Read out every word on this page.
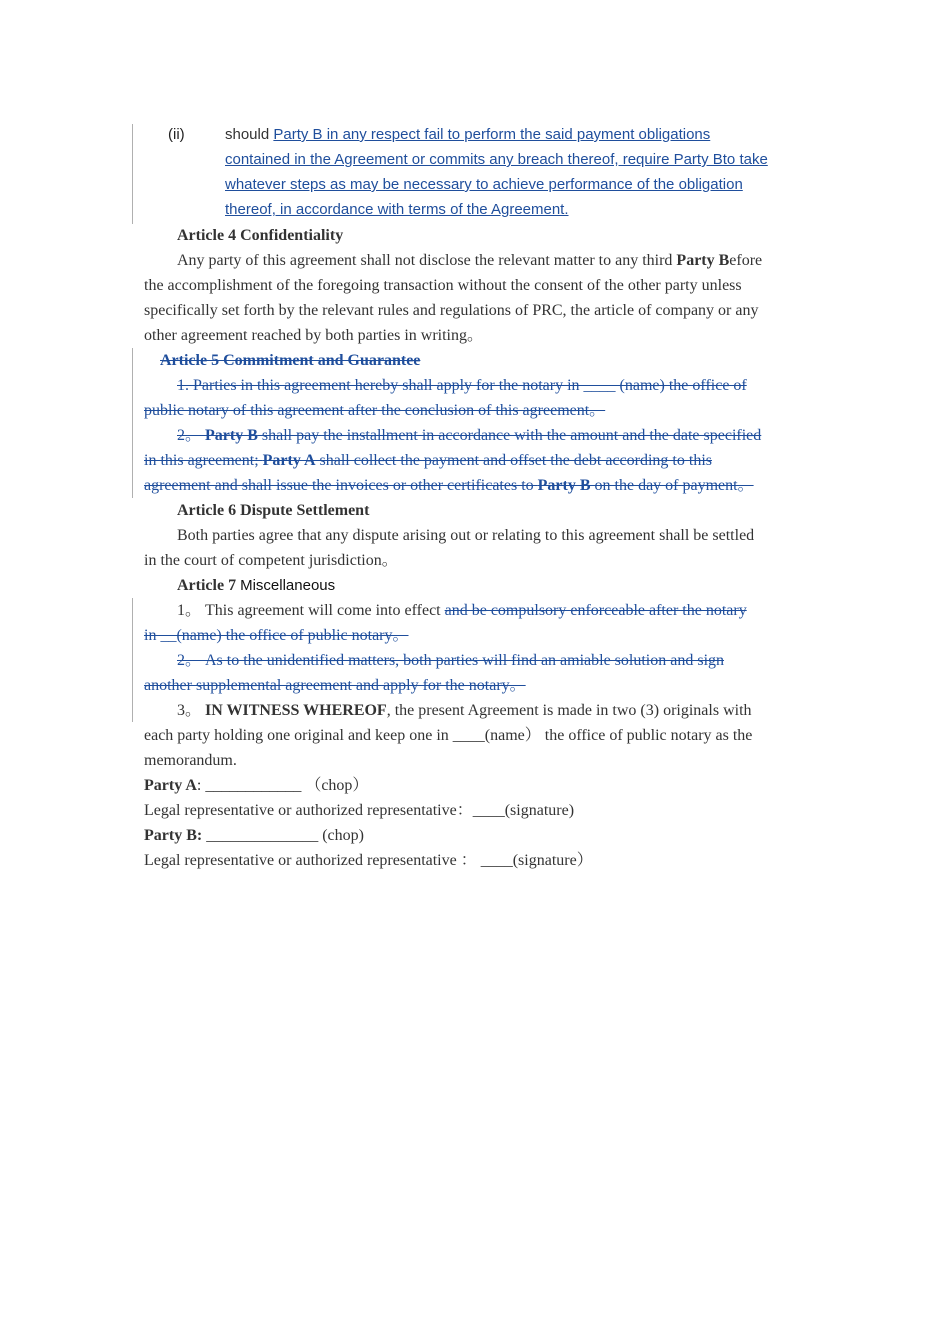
(ii)	should Party B in any respect fail to perform the said payment obligations
contained in the Agreement or commits any breach thereof, require Party Bto take
whatever steps as may be necessary to achieve performance of the obligation
thereof, in accordance with terms of the Agreement.
Article 4 Confidentiality
Any party of this agreement shall not disclose the relevant matter to any third Party Before
the accomplishment of the foregoing transaction without the consent of the other party unless
specifically set forth by the relevant rules and regulations of PRC, the article of company or any
other agreement reached by both parties in writing。
Article 5 Commitment and Guarantee
1. Parties in this agreement hereby shall apply for the notary in ____ (name) the office of
public notary of this agreement after the conclusion of this agreement。
2。 Party B shall pay the installment in accordance with the amount and the date specified
in this agreement; Party A shall collect the payment and offset the debt according to this
agreement and shall issue the invoices or other certificates to Party B on the day of payment。
Article 6 Dispute Settlement
Both parties agree that any dispute arising out or relating to this agreement shall be settled
in the court of competent jurisdiction。
Article 7 Miscellaneous
1。 This agreement will come into effect and be compulsory enforceable after the notary
in __(name) the office of public notary。
2。 As to the unidentified matters, both parties will find an amiable solution and sign
another supplemental agreement and apply for the notary。
3。 IN WITNESS WHEREOF, the present Agreement is made in two (3) originals with
each party holding one original and keep one in ____(name） the office of public notary as the
memorandum.
Party A: ____________ （chop）
Legal representative or authorized representative：____(signature)
Party B: ______________ (chop)
Legal representative or authorized representative ： ____(signature）
